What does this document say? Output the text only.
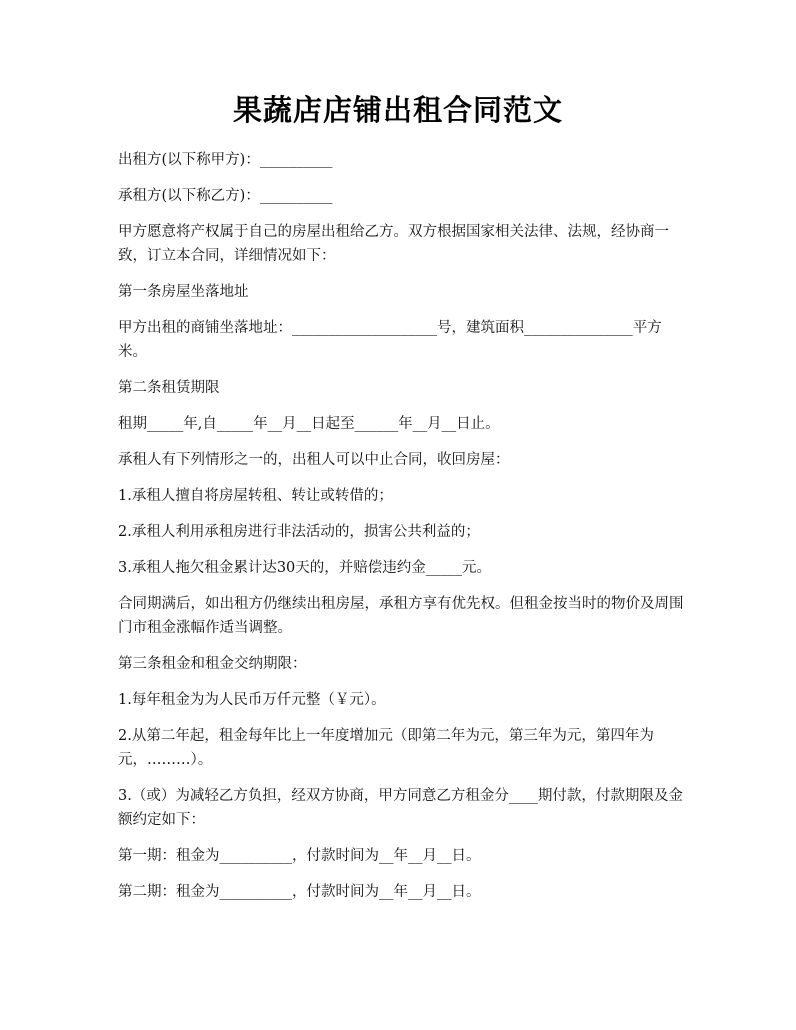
果蔬店店铺出租合同范文

出租方(以下称甲方)：__________

承租方(以下称乙方)：__________

甲方愿意将产权属于自己的房屋出租给乙方。双方根据国家相关法律、法规，经协商一致，订立本合同，详细情况如下：

第一条房屋坐落地址

甲方出租的商铺坐落地址：____________________号，建筑面积_______________平方米。

第二条租赁期限

租期_____年,自_____年__月__日起至______年__月__日止。

承租人有下列情形之一的，出租人可以中止合同，收回房屋：

1.承租人擅自将房屋转租、转让或转借的；

2.承租人利用承租房进行非法活动的，损害公共利益的；

3.承租人拖欠租金累计达30天的，并赔偿违约金_____元。

合同期满后，如出租方仍继续出租房屋，承租方享有优先权。但租金按当时的物价及周围门市租金涨幅作适当调整。

第三条租金和租金交纳期限：

1.每年租金为为人民币万仟元整（￥元）。

2.从第二年起，租金每年比上一年度增加元（即第二年为元，第三年为元，第四年为元，………）。

3.（或）为减轻乙方负担，经双方协商，甲方同意乙方租金分____期付款，付款期限及金额约定如下：

第一期：租金为__________，付款时间为__年__月__日。

第二期：租金为__________，付款时间为__年__月__日。
